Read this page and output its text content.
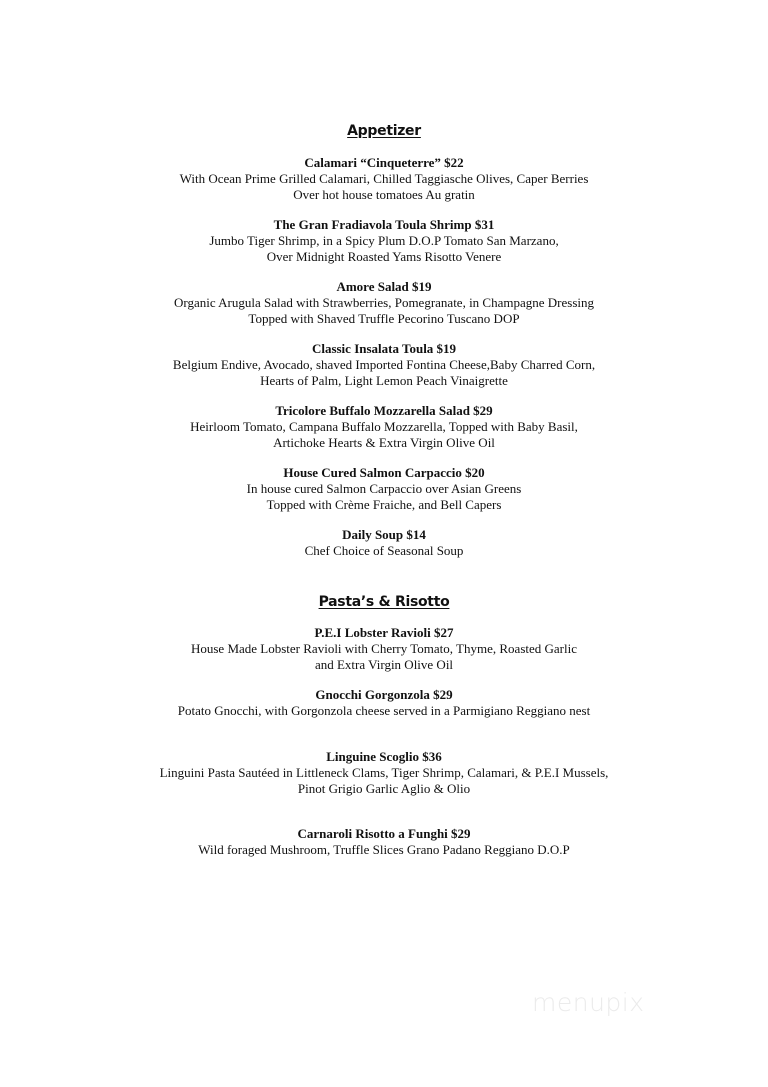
Appetizer
Calamari “Cinqueterre” $22
With Ocean Prime Grilled Calamari, Chilled Taggiasche Olives, Caper Berries
Over hot house tomatoes Au gratin
The Gran Fradiavola Toula Shrimp $31
Jumbo Tiger Shrimp, in a Spicy Plum D.O.P Tomato San Marzano,
Over Midnight Roasted Yams Risotto Venere
Amore Salad $19
Organic Arugula Salad with Strawberries, Pomegranate, in Champagne Dressing
Topped with Shaved Truffle Pecorino Tuscano DOP
Classic Insalata Toula $19
Belgium Endive, Avocado, shaved Imported Fontina Cheese,Baby Charred Corn,
Hearts of Palm, Light Lemon Peach Vinaigrette
Tricolore Buffalo Mozzarella Salad $29
Heirloom Tomato, Campana Buffalo Mozzarella, Topped with Baby Basil,
Artichoke Hearts & Extra Virgin Olive Oil
House Cured Salmon Carpaccio $20
In house cured Salmon Carpaccio over Asian Greens
Topped with Crème Fraiche, and Bell Capers
Daily Soup $14
Chef Choice of Seasonal Soup
Pasta’s & Risotto
P.E.I Lobster Ravioli $27
House Made Lobster Ravioli with Cherry Tomato, Thyme, Roasted Garlic
and Extra Virgin Olive Oil
Gnocchi Gorgonzola $29
Potato Gnocchi, with Gorgonzola cheese served in a Parmigiano Reggiano nest
Linguine Scoglio $36
Linguini Pasta Sautéed in Littleneck Clams, Tiger Shrimp, Calamari, & P.E.I Mussels,
Pinot Grigio Garlic Aglio & Olio
Carnaroli Risotto a Funghi $29
Wild foraged Mushroom, Truffle Slices Grano Padano Reggiano D.O.P
menupix
